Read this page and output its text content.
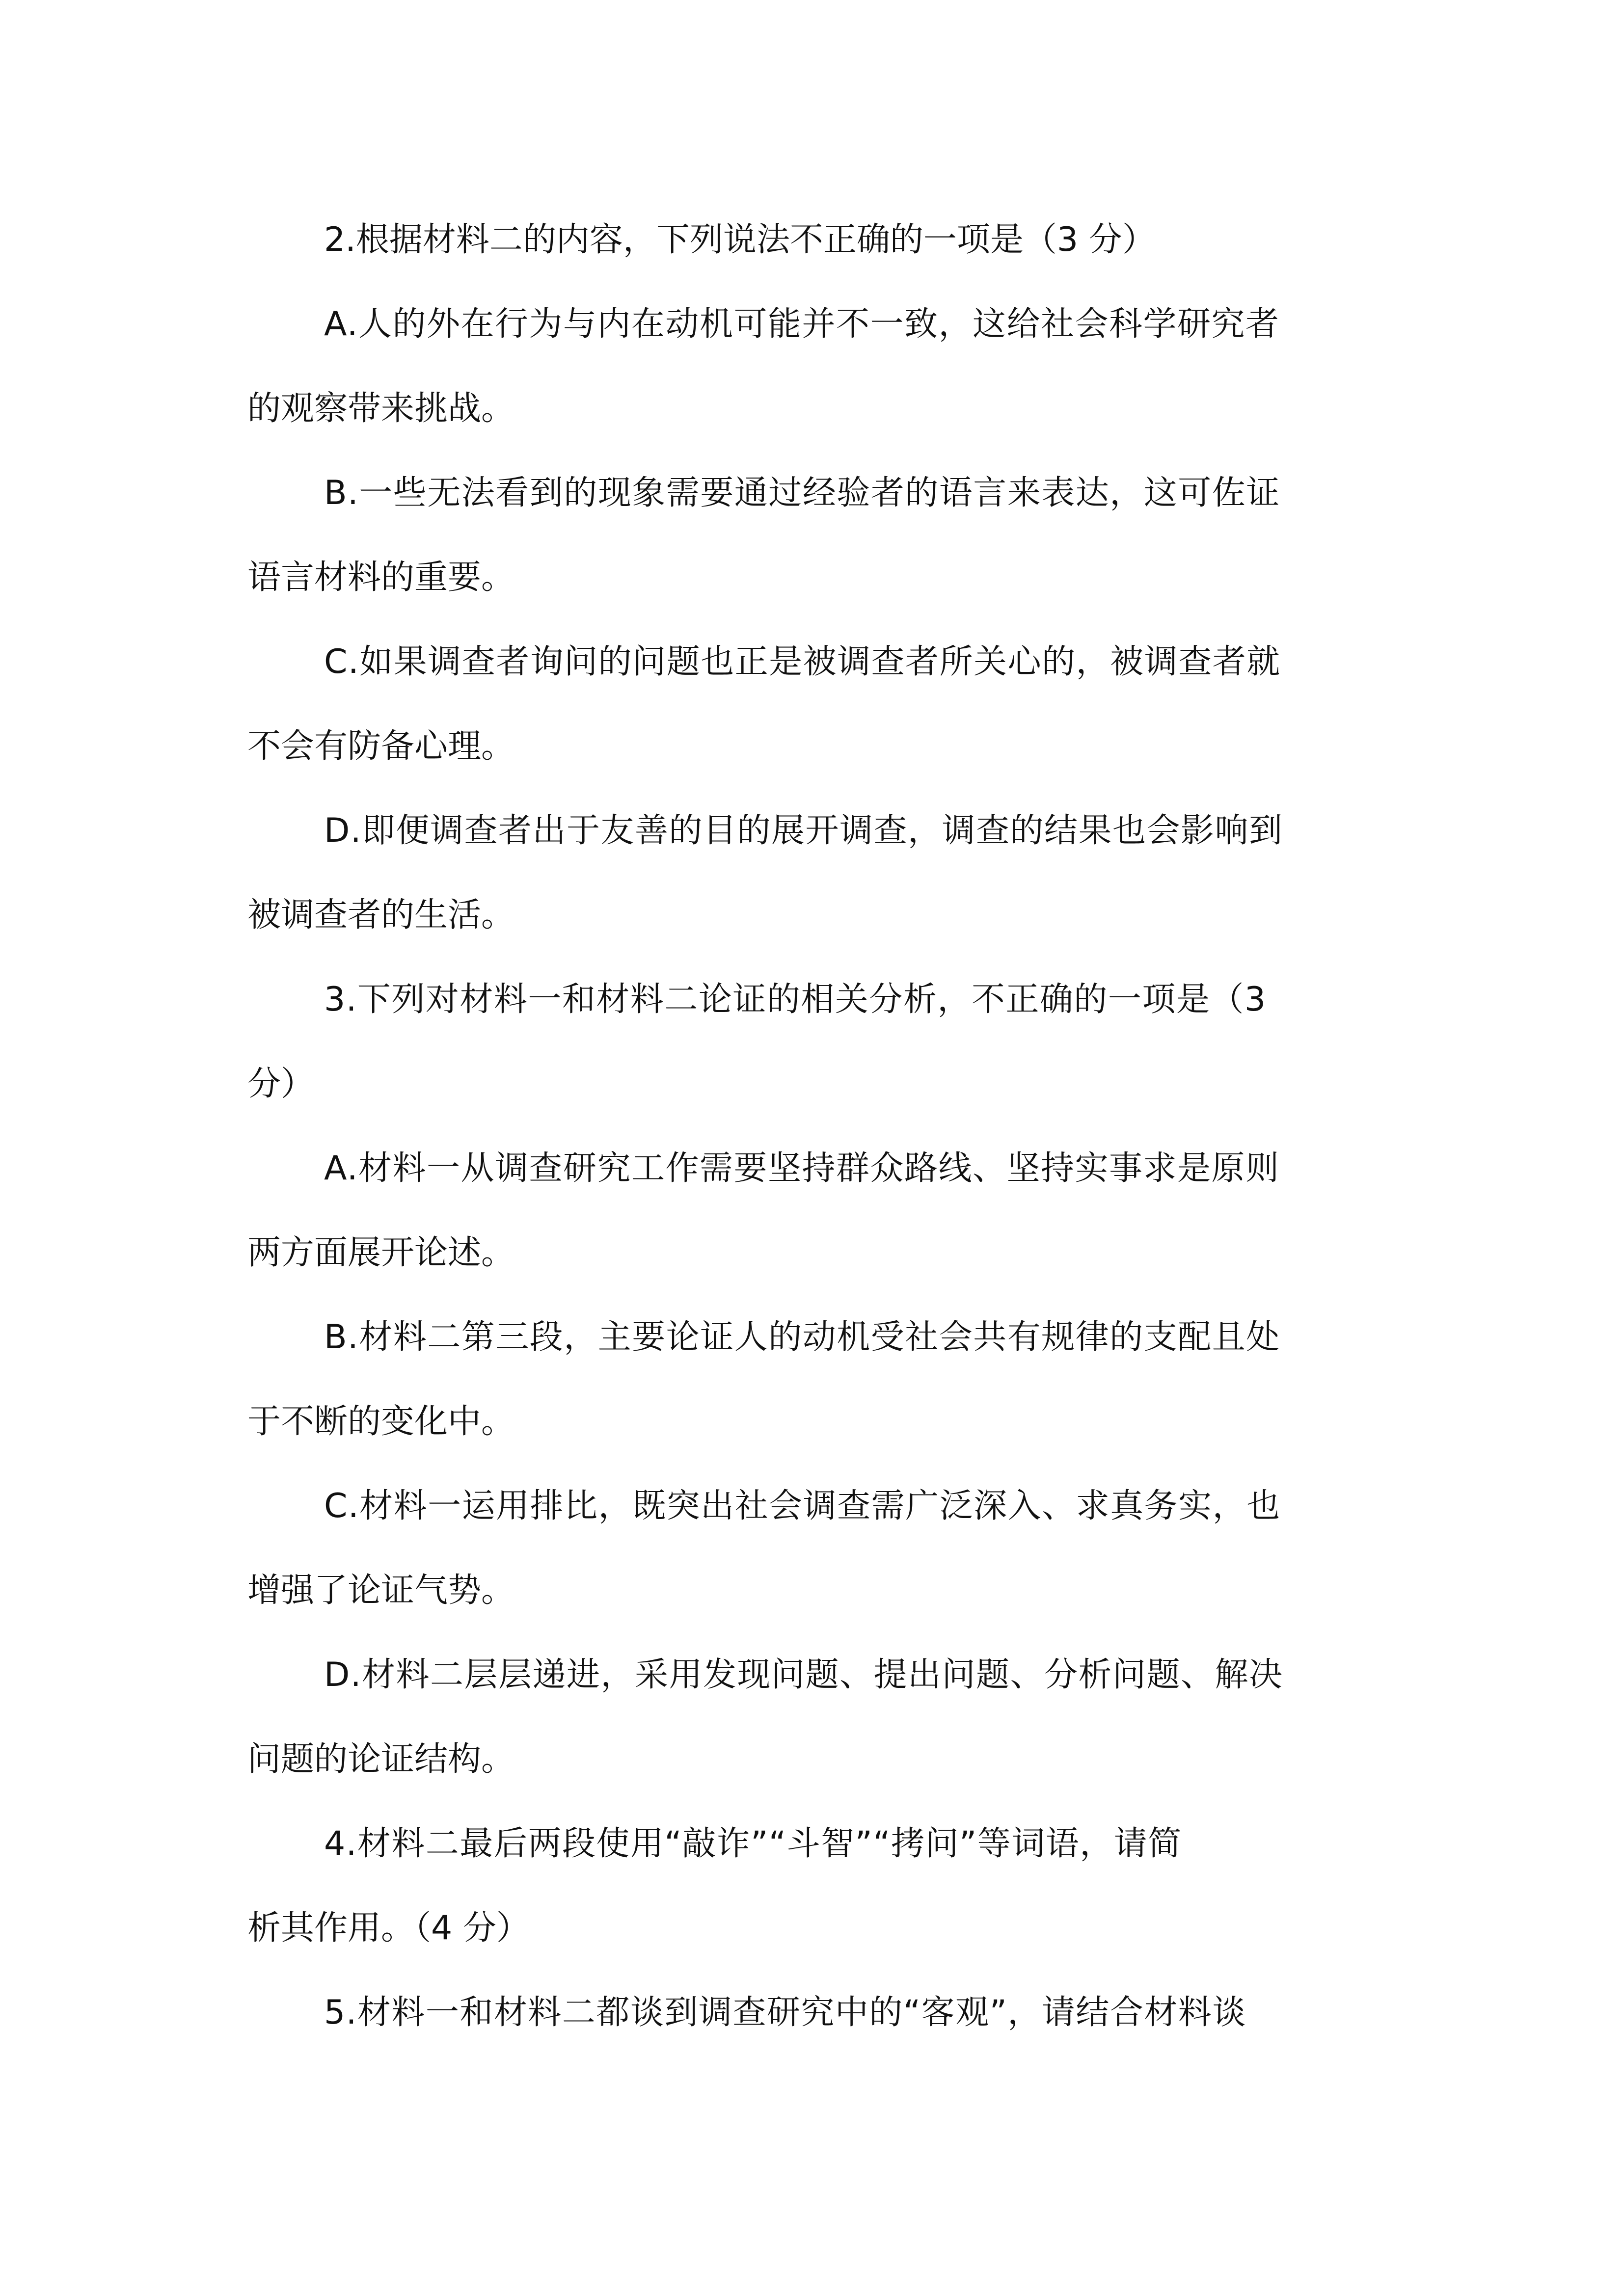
2.根据材料二的内容，下列说法不正确的一项是（3 分）
A.人的外在行为与内在动机可能并不一致，这给社会科学研究者
的观察带来挑战。
B.一些无法看到的现象需要通过经验者的语言来表达，这可佐证
语言材料的重要。
C.如果调查者询问的问题也正是被调查者所关心的，被调查者就
不会有防备心理。
D.即便调查者出于友善的目的展开调查，调查的结果也会影响到
被调查者的生活。
3.下列对材料一和材料二论证的相关分析，不正确的一项是（3
分）
A.材料一从调查研究工作需要坚持群众路线、坚持实事求是原则
两方面展开论述。
B.材料二第三段，主要论证人的动机受社会共有规律的支配且处
于不断的变化中。
C.材料一运用排比，既突出社会调查需广泛深入、求真务实，也
增强了论证气势。
D.材料二层层递进，采用发现问题、提出问题、分析问题、解决
问题的论证结构。
4.材料二最后两段使用“敲诈”“斗智”“拷问”等词语，请简
析其作用。（4 分）
5.材料一和材料二都谈到调查研究中的“客观”，请结合材料谈
